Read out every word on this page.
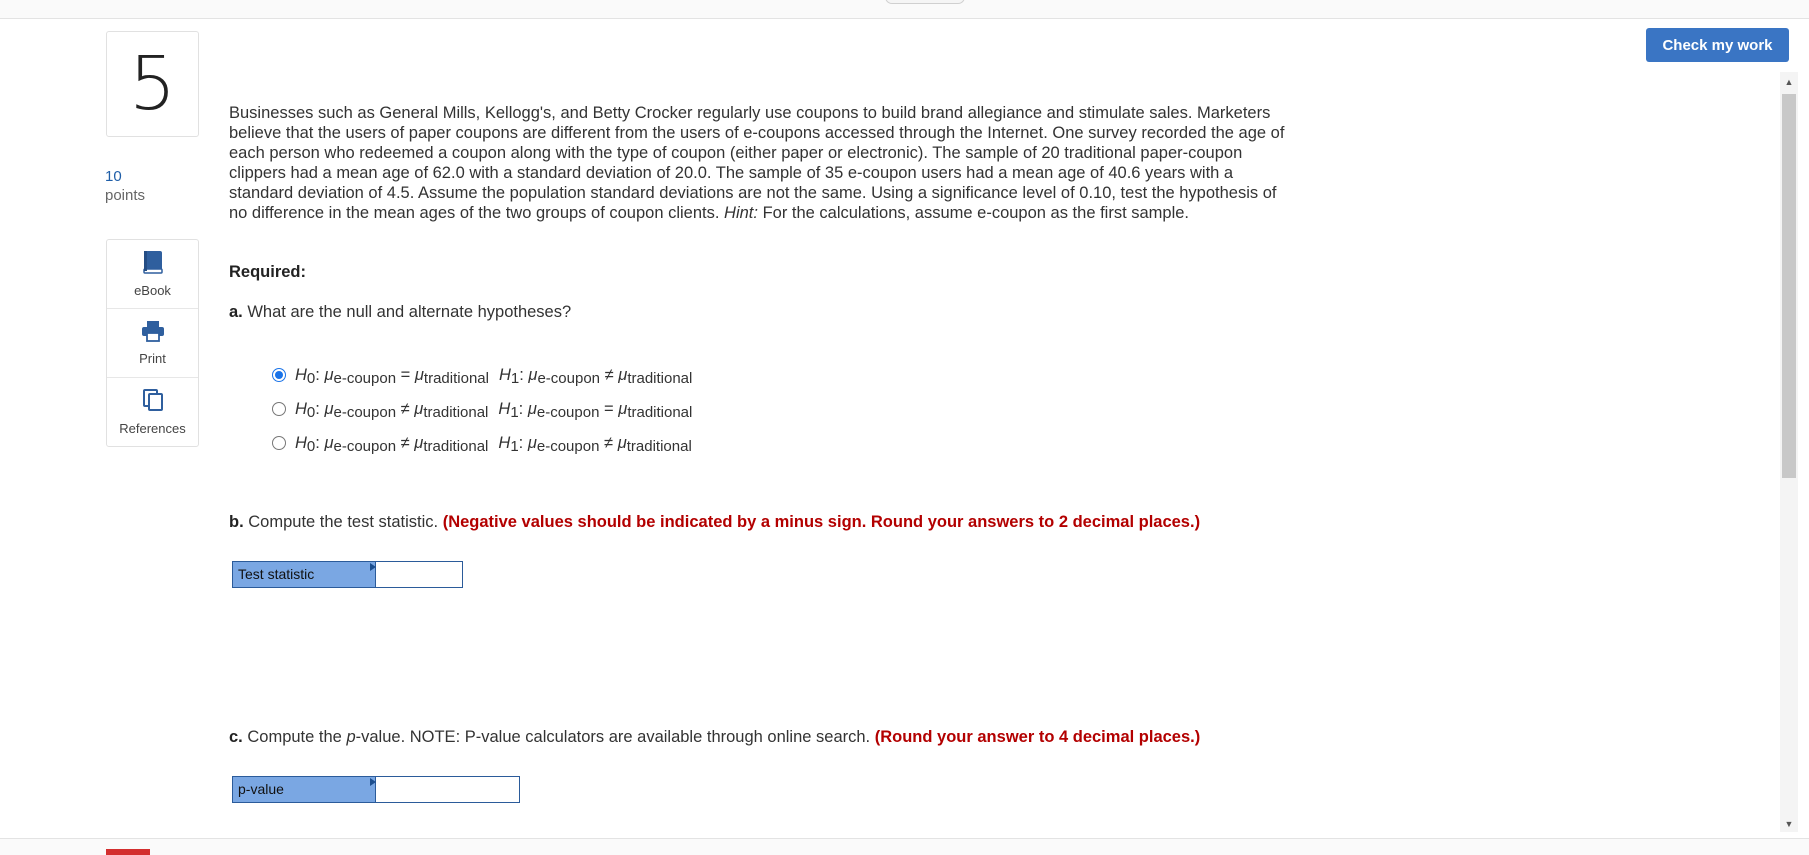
5
10
points
eBook
Print
References
Check my work

Businesses such as General Mills, Kellogg's, and Betty Crocker regularly use coupons to build brand allegiance and stimulate sales. Marketers believe that the users of paper coupons are different from the users of e-coupons accessed through the Internet. One survey recorded the age of each person who redeemed a coupon along with the type of coupon (either paper or electronic). The sample of 20 traditional paper-coupon clippers had a mean age of 62.0 with a standard deviation of 20.0. The sample of 35 e-coupon users had a mean age of 40.6 years with a standard deviation of 4.5. Assume the population standard deviations are not the same. Using a significance level of 0.10, test the hypothesis of no difference in the mean ages of the two groups of coupon clients. Hint: For the calculations, assume e-coupon as the first sample.

Required:
a. What are the null and alternate hypotheses?
H 0 : μ e-coupon
=
μ traditional H 1 : μ e-coupon
≠
μ traditional
H 0 : μ e-coupon
≠
μ traditional H 1 : μ e-coupon
=
μ traditional
H 0 : μ e-coupon
≠
μ traditional H 1 : μ e-coupon
≠
μ traditional
b. Compute the test statistic. (Negative values should be indicated by a minus sign. Round your answers to 2 decimal places.)
Test statistic
c. Compute the p-value. NOTE: P-value calculators are available through online search. (Round your answer to 4 decimal places.)
p-value
▲
▼
